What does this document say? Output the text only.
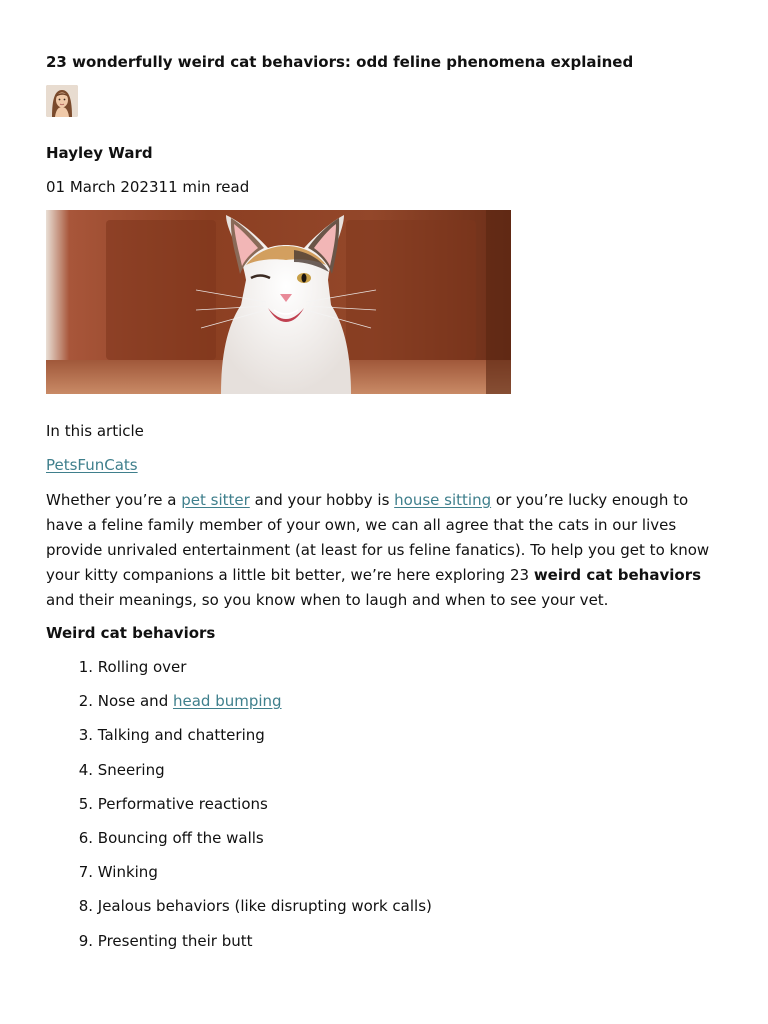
23 wonderfully weird cat behaviors: odd feline phenomena explained

Hayley Ward

01 March 202311 min read

In this article

PetsFunCats

Whether you’re a pet sitter and your hobby is house sitting or you’re lucky enough to have a feline family member of your own, we can all agree that the cats in our lives provide unrivaled entertainment (at least for us feline fanatics). To help you get to know your kitty companions a little bit better, we’re here exploring 23 weird cat behaviors and their meanings, so you know when to laugh and when to see your vet.

Weird cat behaviors
1. Rolling over
2. Nose and head bumping
3. Talking and chattering
4. Sneering
5. Performative reactions
6. Bouncing off the walls
7. Winking
8. Jealous behaviors (like disrupting work calls)
9. Presenting their butt
